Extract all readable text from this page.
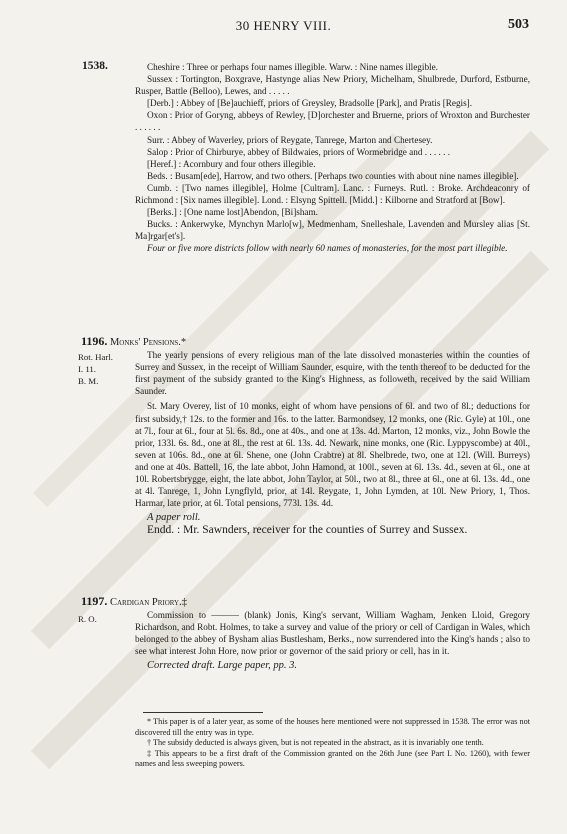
30 HENRY VIII.	503
1538.	Cheshire : Three or perhaps four names illegible. Warw. : Nine names illegible.

Sussex : Tortington, Boxgrave, Hastynge alias New Priory, Michelham, Shulbrede, Durford, Estburne, Rusper, Battle (Belloo), Lewes, and . . . . .

[Derb.] : Abbey of [Be]auchieff, priors of Greysley, Bradsolle [Park], and Pratis [Regis].

Oxon : Prior of Goryng, abbeys of Rewley, [D]orchester and Bruerne, priors of Wroxton and Burchester . . . . . .

Surr. : Abbey of Waverley, priors of Reygate, Tanrege, Marton and Chertesey.

Salop : Prior of Chirburye, abbey of Bildwaies, priors of Wormebridge and . . . . . .

[Heref.] : Acornbury and four others illegible.

Beds. : Busam[ede], Harrow, and two others. [Perhaps two counties with about nine names illegible].

Cumb. : [Two names illegible], Holme [Cultram]. Lanc. : Furneys. Rutl. : Broke. Archdeaconry of Richmond : [Six names illegible]. Lond. : Elsyng Spittell. [Midd.] : Kilborne and Stratford at [Bow].

[Berks.] : [One name lost]Abendon, [Bi]sham.

Bucks. : Ankerwyke, Mynchyn Marlo[w], Medmenham, Snelleshale, Lavenden and Mursley alias [St. Ma]rgar[et's].

Four or five more districts follow with nearly 60 names of monasteries, for the most part illegible.

1196. Monks' Pensions.*

The yearly pensions of every religious man of the late dissolved monasteries within the counties of Surrey and Sussex, in the receipt of William Saunder, esquire, with the tenth thereof to be deducted for the first payment of the subsidy granted to the King's Highness, as followeth, received by the said William Saunder.

St. Mary Overey, list of 10 monks, eight of whom have pensions of 6l. and two of 8l.; deductions for first subsidy,† 12s. to the former and 16s. to the latter. Barmondsey, 12 monks, one (Ric. Gyle) at 10l., one at 7l., four at 6l., four at 5l. 6s. 8d., one at 40s., and one at 13s. 4d. Marton, 12 monks, viz., John Bowle the prior, 133l. 6s. 8d., one at 8l., the rest at 6l. 13s. 4d. Newark, nine monks, one (Ric. Lyppyscombe) at 40l., seven at 106s. 8d., one at 6l. Shene, one (John Crabtre) at 8l. Shelbrede, two, one at 12l. (Will. Burreys) and one at 40s. Battell, 16, the late abbot, John Hamond, at 100l., seven at 6l. 13s. 4d., seven at 6l., one at 10l. Robertsbrygge, eight, the late abbot, John Taylor, at 50l., two at 8l., three at 6l., one at 6l. 13s. 4d., one at 4l. Tanrege, 1, John Lyngflyld, prior, at 14l. Reygate, 1, John Lymden, at 10l. New Priory, 1, Thos. Harmar, late prior, at 6l. Total pensions, 773l. 13s. 4d.

A paper roll.

Endd. : Mr. Sawnders, receiver for the counties of Surrey and Sussex.

Rot. Harl.
I. 11.
B. M.
1197. Cardigan Priory.‡

Commission to ——— (blank) Jonis, King's servant, William Wagham, Jenken Lloid, Gregory Richardson, and Robt. Holmes, to take a survey and value of the priory or cell of Cardigan in Wales, which belonged to the abbey of Bysham alias Bustlesham, Berks., now surrendered into the King's hands ; also to see what interest John Hore, now prior or governor of the said priory or cell, has in it.

Corrected draft. Large paper, pp. 3.

R. O.

* This paper is of a later year, as some of the houses here mentioned were not suppressed in 1538. The error was not discovered till the entry was in type.

† The subsidy deducted is always given, but is not repeated in the abstract, as it is invariably one tenth.

‡ This appears to be a first draft of the Commission granted on the 26th June (see Part I. No. 1260), with fewer names and less sweeping powers.
